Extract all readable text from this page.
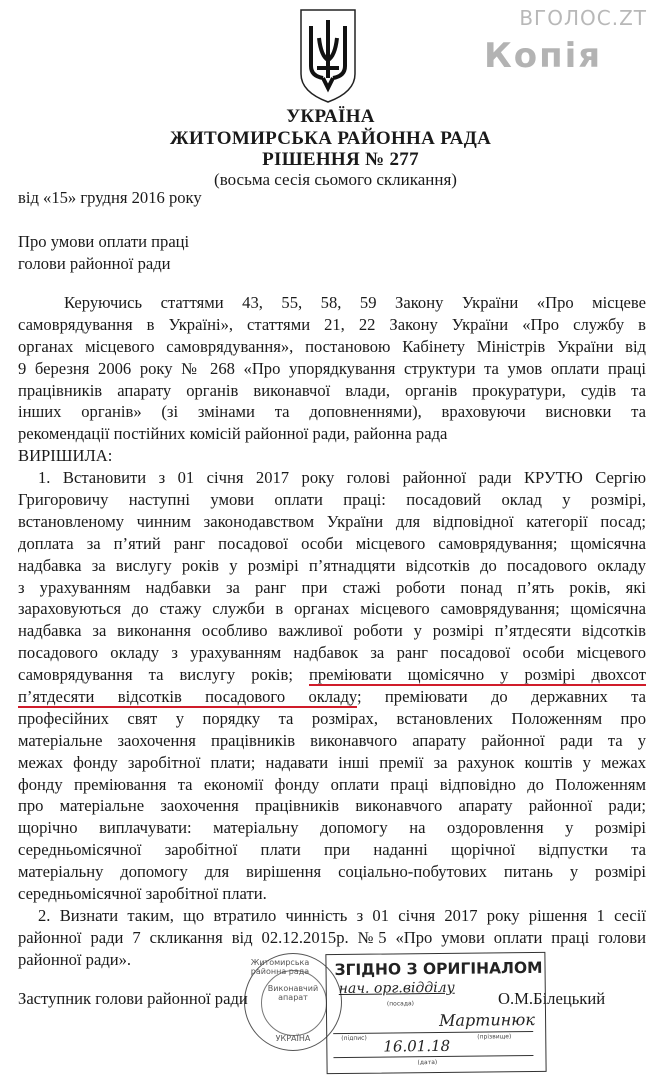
ВГОЛОС.ZT
Копія
УКРАЇНА
ЖИТОМИРСЬКА РАЙОННА РАДА
РІШЕННЯ № 277
(восьма сесія сьомого скликання)
від «15» грудня 2016 року
Про умови оплати праці
голови районної ради
Керуючись статтями 43, 55, 58, 59 Закону України «Про місцеве
самоврядування в Україні», статтями 21, 22 Закону України «Про службу в
органах місцевого самоврядування», постановою Кабінету Міністрів України від
9 березня 2006 року № 268 «Про упорядкування структури та умов оплати праці
працівників апарату органів виконавчої влади, органів прокуратури, судів та
інших органів» (зі змінами та доповненнями), враховуючи висновки та
рекомендації постійних комісій районної ради, районна рада
ВИРІШИЛА:
1. Встановити з 01 січня 2017 року голові районної ради КРУТЮ Сергію
Григоровичу наступні умови оплати праці: посадовий оклад у розмірі,
встановленому чинним законодавством України для відповідної категорії посад;
доплата за п’ятий ранг посадової особи місцевого самоврядування; щомісячна
надбавка за вислугу років у розмірі п’ятнадцяти відсотків до посадового окладу
з урахуванням надбавки за ранг при стажі роботи понад п’ять років, які
зараховуються до стажу служби в органах місцевого самоврядування; щомісячна
надбавка за виконання особливо важливої роботи у розмірі п’ятдесяти відсотків
посадового окладу з урахуванням надбавок за ранг посадової особи місцевого
самоврядування та вислугу років; преміювати щомісячно у розмірі двохсот
п’ятдесяти відсотків посадового окладу; преміювати до державних та
професійних свят у порядку та розмірах, встановлених Положенням про
матеріальне заохочення працівників виконавчого апарату районної ради та у
межах фонду заробітної плати; надавати інші премії за рахунок коштів у межах
фонду преміювання та економії фонду оплати праці відповідно до Положенням
про матеріальне заохочення працівників виконавчого апарату районної ради;
щорічно виплачувати: матеріальну допомогу на оздоровлення у розмірі
середньомісячної заробітної плати при наданні щорічної відпустки та
матеріальну допомогу для вирішення соціально-побутових питань у розмірі
середньомісячної заробітної плати.
2. Визнати таким, що втратило чинність з 01 січня 2017 року рішення 1 сесії
районної ради 7 скликання від 02.12.2015р. №5 «Про умови оплати праці голови
районної ради».	Житомирська районна рада
Виконавчий апарат
УКРАЇНА
Заступник голови районної ради	О.М.Білецький
ЗГІДНО З ОРИГІНАЛОМ
нач. орг.відділу
(посада)
Мартинюк
(підпис)	(прізвище)
16.01.18
(дата)
